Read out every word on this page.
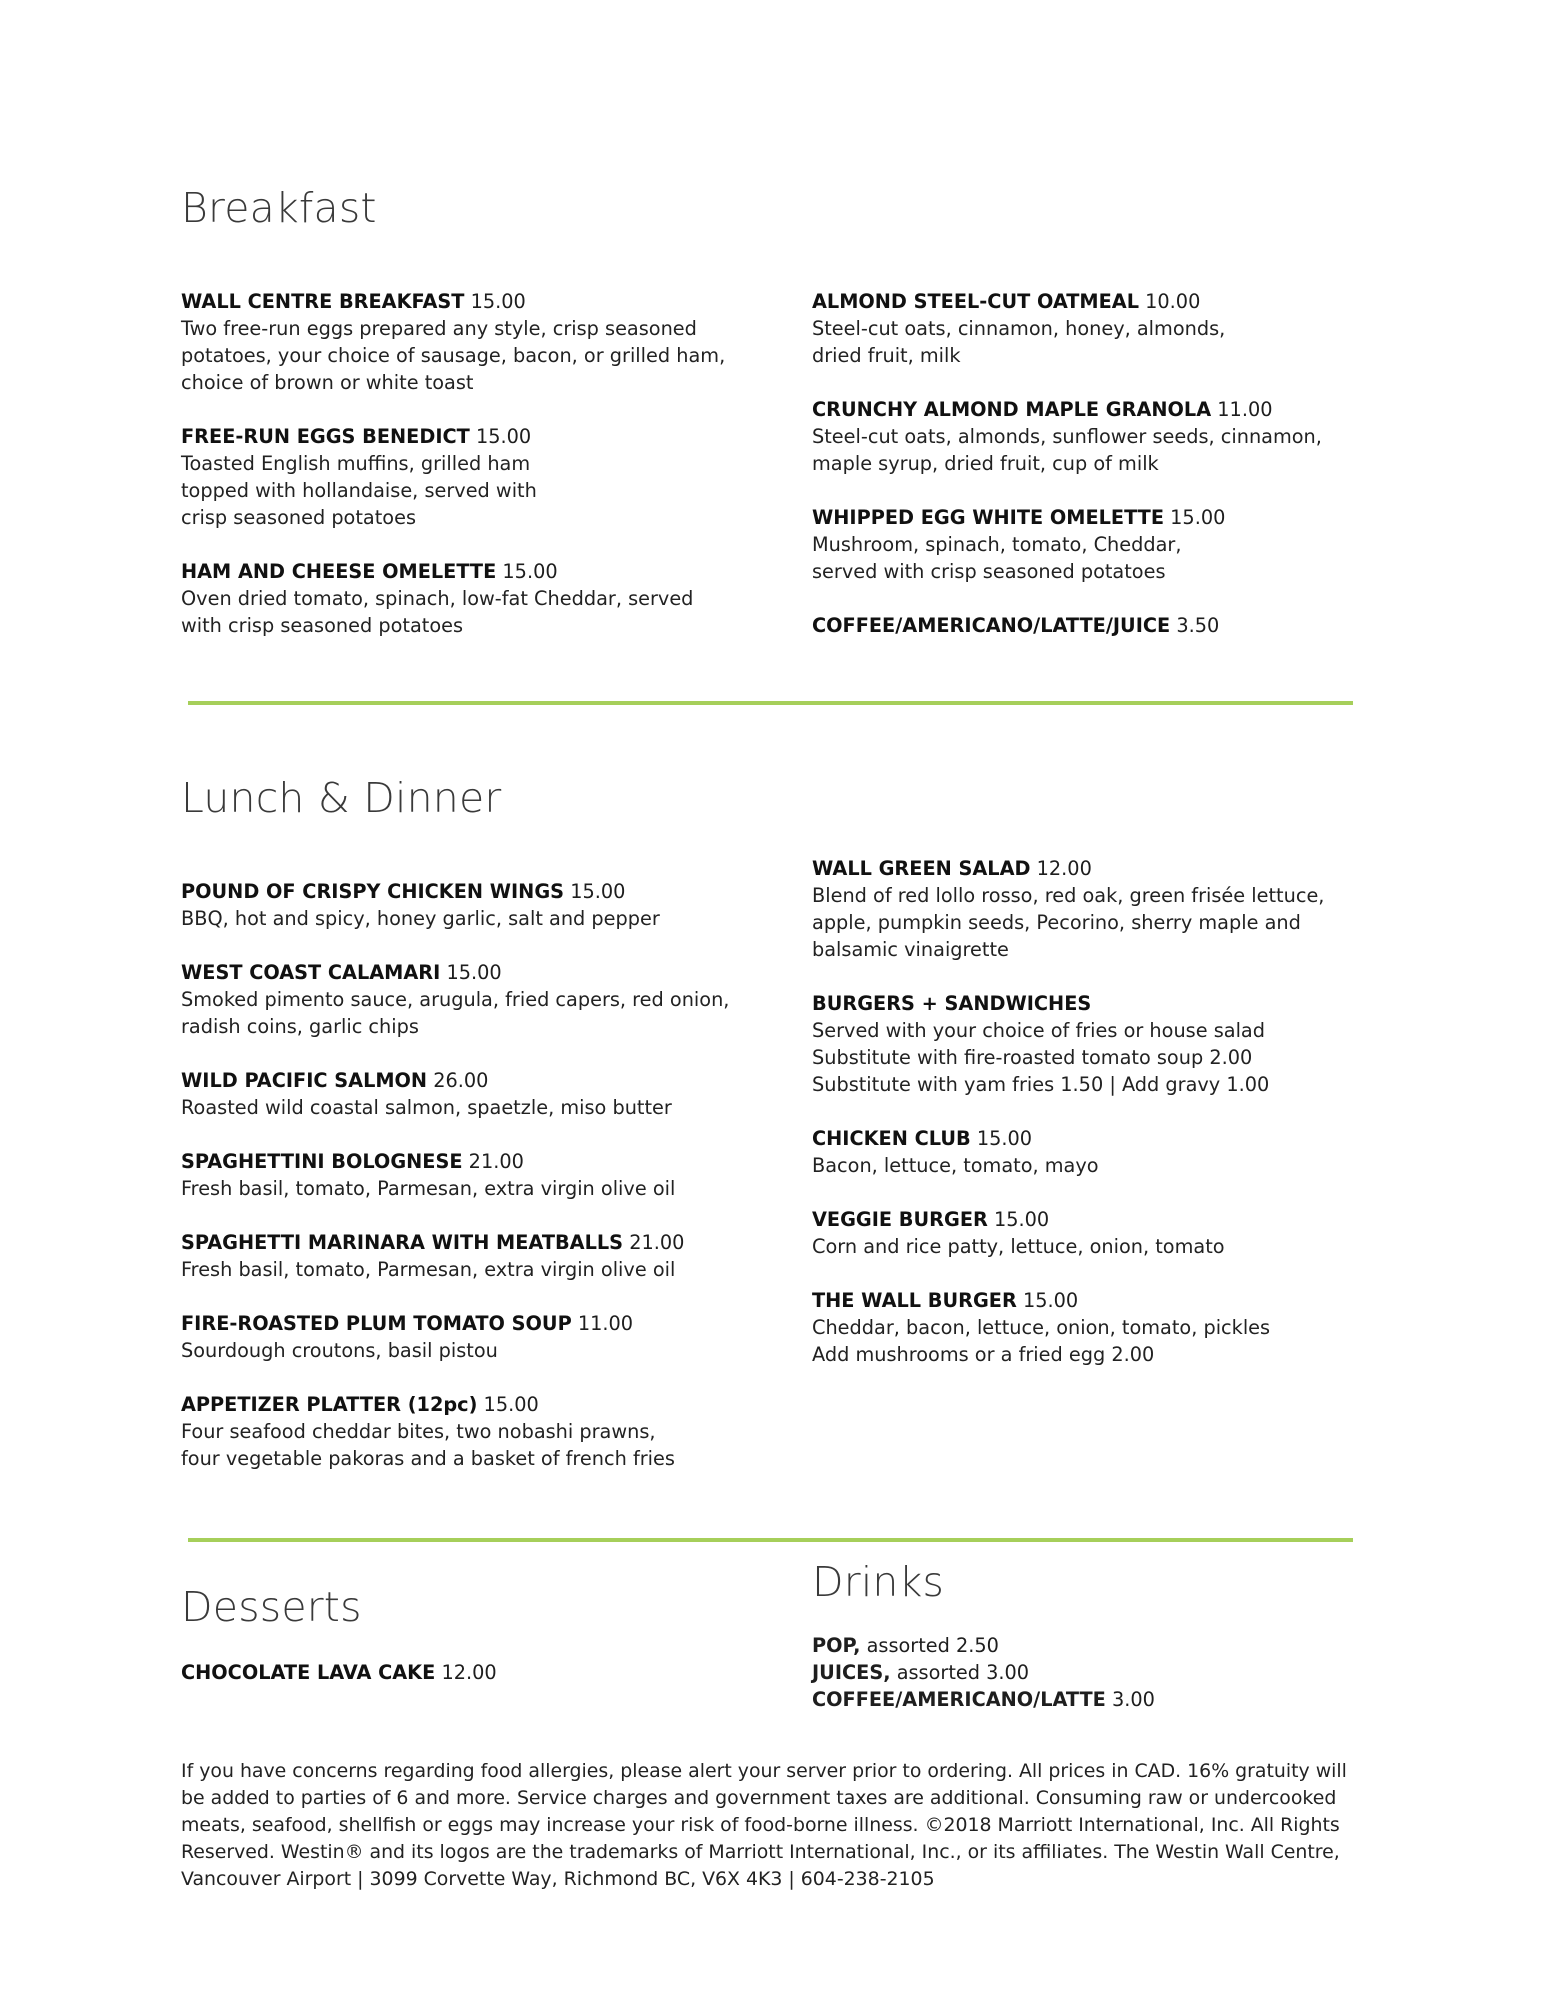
Breakfast
WALL CENTRE BREAKFAST 15.00
Two free-run eggs prepared any style, crisp seasoned
potatoes, your choice of sausage, bacon, or grilled ham,
choice of brown or white toast
FREE-RUN EGGS BENEDICT 15.00
Toasted English muffins, grilled ham
topped with hollandaise, served with
crisp seasoned potatoes
HAM AND CHEESE OMELETTE 15.00
Oven dried tomato, spinach, low-fat Cheddar, served
with crisp seasoned potatoes
ALMOND STEEL-CUT OATMEAL 10.00
Steel-cut oats, cinnamon, honey, almonds,
dried fruit, milk
CRUNCHY ALMOND MAPLE GRANOLA 11.00
Steel-cut oats, almonds, sunflower seeds, cinnamon,
maple syrup, dried fruit, cup of milk
WHIPPED EGG WHITE OMELETTE 15.00
Mushroom, spinach, tomato, Cheddar,
served with crisp seasoned potatoes
COFFEE/AMERICANO/LATTE/JUICE 3.50
Lunch & Dinner
POUND OF CRISPY CHICKEN WINGS 15.00
BBQ, hot and spicy, honey garlic, salt and pepper
WEST COAST CALAMARI 15.00
Smoked pimento sauce, arugula, fried capers, red onion,
radish coins, garlic chips
WILD PACIFIC SALMON 26.00
Roasted wild coastal salmon, spaetzle, miso butter
SPAGHETTINI BOLOGNESE 21.00
Fresh basil, tomato, Parmesan, extra virgin olive oil
SPAGHETTI MARINARA WITH MEATBALLS 21.00
Fresh basil, tomato, Parmesan, extra virgin olive oil
FIRE-ROASTED PLUM TOMATO SOUP 11.00
Sourdough croutons, basil pistou
APPETIZER PLATTER (12pc) 15.00
Four seafood cheddar bites, two nobashi prawns,
four vegetable pakoras and a basket of french fries
WALL GREEN SALAD 12.00
Blend of red lollo rosso, red oak, green frisée lettuce,
apple, pumpkin seeds, Pecorino, sherry maple and
balsamic vinaigrette
BURGERS + SANDWICHES
Served with your choice of fries or house salad
Substitute with fire-roasted tomato soup 2.00
Substitute with yam fries 1.50 | Add gravy 1.00
CHICKEN CLUB 15.00
Bacon, lettuce, tomato, mayo
VEGGIE BURGER 15.00
Corn and rice patty, lettuce, onion, tomato
THE WALL BURGER 15.00
Cheddar, bacon, lettuce, onion, tomato, pickles
Add mushrooms or a fried egg 2.00
Desserts
CHOCOLATE LAVA CAKE 12.00
Drinks
POP, assorted 2.50
JUICES, assorted 3.00
COFFEE/AMERICANO/LATTE 3.00

If you have concerns regarding food allergies, please alert your server prior to ordering. All prices in CAD. 16% gratuity will be added to parties of 6 and more. Service charges and government taxes are additional. Consuming raw or undercooked meats, seafood, shellfish or eggs may increase your risk of food-borne illness. ©2018 Marriott International, Inc. All Rights Reserved. Westin® and its logos are the trademarks of Marriott International, Inc., or its affiliates. The Westin Wall Centre, Vancouver Airport | 3099 Corvette Way, Richmond BC, V6X 4K3 | 604-238-2105
